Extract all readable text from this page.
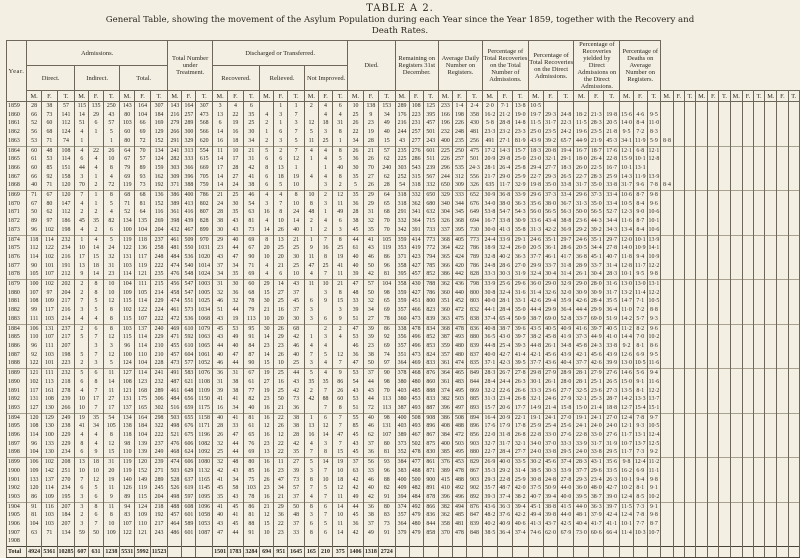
TABLE A 2.
General Table, showing the movement of the Asylum Population during each Year since the Year 1859, together with the Recovery and
Death Rates.
Year.	Admissions.									Total Number under Treatment.			Discharged or Transferred.									Died.			Remaining on Registers 31st December.			Average Daily Number on Registers.			Percentage of Total Recoveries on the Total Number of Admissions.			Percentage of Total Recoveries on the Direct Admissions.			Percentage of Recoveries yielded by Direct Admissions on the Direct Admissions.			Percentage of Deaths on Average Number on Registers.														
	Direct.			Indirect.			Total.						Recovered.			Relieved.			Not Improved.																																			
	M.	F.	T.	M.	F.	T.	M.	F.	T.	M.	F.	T.	M.	F.	T.	M.	F.	T.	M.	F.	T.	M.	F.	T.	M.	F.	T.	M.	F.	T.	M.	F.	T.	M.	F.	T.	M.	F.	T.	M.	F.	T.	M.	F.	T.	M.	F.	T.	M.	F.	T.	M.	F.	T.
1859	28	38	57	115	135	250	143	164	307	143	164	307	3	4	6		1	1	2	4	6	10	138	153	289	108	125	233	1·4	2·4	2·0	7·1	13·8	10·5																				
1860	66	73	141	14	29	43	80	104	184	216	257	473	13	22	35	4	3	7		4	4	25	9	34	176	223	395	166	198	358	16·2	21·2	19·0	19·7	29·3	24·8	18·2	21·3	19·8	15·6	4·6	9·5												
1861	52	60	112	51	6	57	103	66	169	279	289	568	6	19	25	2	1	3	12	18	31	26	23	49	216	231	457	196	226	430	5·8	28·8	14·8	11·5	31·7	22·3	11·5	28·3	20·5	14·0	8·4	11·0												
1862	56	68	124	4	1	5	60	69	129	266	300	566	14	16	30	1	6	7	5	3	8	22	19	40	244	257	501	232	248	481	23·3	23·2	23·3	25·0	23·5	24·2	19·6	23·5	21·8	9·5	7·2	8·3												
1863	53	71	74	1		1	80	72	152	291	329	620	16	18	34	2	3	5	11	25	1	34	28	15	43	277	243	400	235	256	491	27·1	81·9	43·9	39·2	65·7	44·9	21·9	45·3	34·1	11·9	5·9	8·8											
1864	60	48	108	4	22	26	64	70	134	241	313	554	11	10	21	5	2	7	4	4	8	26	21	57	235	276	601	225	250	475	17·2	14·3	15·7	18·3	20·8	19·4	16·7	18·7	17·6	12·1	6·8	12·1												
1865	61	53	114	6	4	10	67	57	124	282	333	615	14	17	31	6	6	12	1	4	5	36	26	62	225	286	511	226	257	501	20·9	29·8	25·0	23·0	32·1	29·1	18·0	26·4	22·8	15·9	10·1	12·8												
1866	60	85	151	44	4	8	79	89	159	303	366	669	17	28	42	8	13	1		1	40	30	70	240	303	543	239	296	535	24·3	28·1	26·4	25·8	29·4	27·7	18·3	26·0	22·5	16·7	10·1	13·1													
1867	66	92	158	3	1	4	69	93	162	309	396	705	14	27	41	6	18	19	4	4	8	35	27	62	252	315	567	244	312	556	21·7	29·0	25·9	22·7	29·3	26·5	22·7	28·3	25·9	14·3	11·9	13·9												
1868	40	71	120	70	2	72	119	73	192	371	388	759	14	24	38	6	5	10		3	2	5	26	28	54	318	332	650	309	326	635	11·7	32·9	19·8	35·0	33·8	31·7	35·0	33·8	31·7	9·6	7·8	8·4											
1869	71	67	120	7	1	8	68	68	136	386	400	786	21	25	46	4	4	8	10	2	12	35	29	64	318	332	650	329	333	652	30·9	36·8	33·9	29·6	37·3	33·4	29·6	37·3	33·4	10·6	8·7	9·8												
1870	67	80	147	4	1	5	71	81	152	389	413	802	24	30	54	3	7	10	8	3	11	36	29	65	318	362	680	340	344	676	34·0	38·0	36·3	35·6	38·0	36·7	31·3	35·0	33·4	10·5	8·4	9·6												
1871	50	62	112	2	2	4	52	64	116	361	416	807	28	35	63	16	8	24	48	1	49	28	31	68	291	341	632	304	345	649	53·8	54·7	54·3	56·0	56·5	56·3	50·0	56·5	52·7	12·3	9·0	10·6												
1872	89	97	186	45	35	82	134	135	269	398	439	828	38	43	81	4	10	14	2	4	6	38	32	70	332	364	715	326	368	694	16·7	33·8	30·9	33·6	43·4	38·8	23·6	44·3	34·4	11·6	8·7	10·1												
1873	96	102	198	4	2	6	100	104	204	432	467	899	30	43	73	14	26	40	1	2	3	45	35	70	342	391	733	337	395	730	30·0	41·3	35·8	31·3	42·2	36·9	29·2	39·2	34·3	13·4	8·4	10·6												
1874	118	114	232	1	4	5	119	118	237	461	509	970	29	40	69	8	13	21	1	7	8	44	41	105	359	414	773	368	405	773	24·4	33·9	29·1	24·6	35·1	29·7	24·6	35·1	29·7	12·0	10·1	13·9												
1875	112	122	234	10	14	24	122	136	258	481	550	1031	23	44	67	20	25	25	9	16	25	61	43	119	353	419	772	364	422	786	18·9	32·4	26·0	20·5	36·1	28·6	20·5	34·4	27·8	14·0	10·9	14·1												
1876	114	102	216	17	15	32	131	117	248	484	536	1020	43	47	90	10	20	30	11	8	19	40	46	86	371	423	794	365	424	789	32·8	40·2	36·3	37·7	46·1	41·7	36·8	45·1	40·7	11·8	9·4	10·9												
1877	90	101	191	13	18	31	103	119	222	474	540	1014	37	34	71	4	21	25	47	25	41	40	50	96	358	427	785	366	420	786	24·8	28·6	27·0	29·9	33·7	31·8	28·9	33·7	31·4	12·8	11·7	12·2												
1878	105	107	212	9	14	23	114	121	235	476	548	1024	34	35	69	4	6	10	4	7	11	39	42	81	395	457	852	386	442	828	33·3	30·3	31·9	32·4	30·4	31·4	26·1	30·4	28·3	10·1	9·5	9·8												
1879	100	102	202	2	8	10	104	111	215	456	547	1003	31	30	60	29	14	43	11	10	21	47	57	104	358	430	788	362	436	798	33·9	25·6	29·6	36·0	29·0	32·9	29·0	28·0	31·6	13·0	13·0	13·1												
1880	107	97	204	2	8	10	109	105	214	458	547	1005	32	36	68	15	27	37		3	8	48	50	98	359	427	786	360	440	800	30·8	32·4	31·6	31·4	32·6	32·0	30·9	30·9	31·7	13·2	11·4	12·2												
1881	108	109	217	7	5	12	115	114	229	474	551	1025	46	32	78	30	25	45	6	9	15	33	32	65	359	451	800	351	452	803	40·0	28·1	33·1	42·6	29·4	35·9	42·6	28·4	35·5	14·7	7·1	10·5												
1882	99	117	216	3	5	8	102	122	224	461	573	1034	51	44	79	21	16	37	3		3	39	34	69	357	466	823	360	472	832	44·1	28·4	35·0	44·4	29·9	36·4	44·4	29·9	36·4	11·0	7·2	8·8												
1883	111	103	214	4	4	8	115	107	222	472	536	1068	43	19	113	10	20	30	3	6	9	51	27	78	360	473	839	363	475	838	37·4	65·4	50·9	38·7	69·0	52·8	33·7	69·0	51·9	14·2	5·7	9·3												
1884	106	131	237	2	6	8	103	137	240	469	610	1079	45	53	95	30	26	68		2	2	47	39	86	338	478	834	368	478	836	40·8	38·7	39·6	43·5	40·5	40·9	41·6	39·7	40·5	11·2	8·2	9·6												
1885	110	107	217	5	7	12	115	114	229	471	592	1063	43	49	91	14	29	42	1	3	4	53	39	92	356	496	852	387	493	880	36·5	43·0	39·7	38·2	45·8	41·9	37·3	44·9	41·0	14·4	7·0	10·2												
1886	96	111	207		3	3	96	114	210	455	610	1065	44	40	84	23	23	46	4	4		46	23	69	357	496	853	359	480	839	44·8	25·4	39·3	44·8	26·1	34·8	45·8	24·3	33·8	9·2	8·1	8·6												
1887	92	103	198	5	7	12	100	110	210	457	604	1061	40	47	87	14	26	40	7	5	12	36	38	74	351	473	824	357	480	837	40·0	42·7	41·4	42·1	45·6	43·9	42·1	45·6	43·9	12·6	6·9	9·5												
1888	122	101	223	2	3	5	124	104	228	473	577	1052	46	44	90	15	10	25	3	4	7	47	50	97	364	469	833	361	474	835	37·1	42·3	39·5	37·7	43·6	40·4	37·7	42·6	39·9	13·0	10·5	11·6												
1889	121	111	232	5	6	11	127	114	241	491	583	1076	36	31	67	19	25	44	5	4	9	53	37	90	378	468	876	364	465	849	28·3	26·7	27·8	29·8	27·9	28·9	28·1	27·9	27·6	14·6	5·6	9·4												
1890	102	113	218	6	8	14	108	123	232	487	621	1108	31	38	61	27	16	43	35	35	86	54	44	98	380	480	860	361	483	844	28·4	24·4	26·3	30·1	26·1	28·0	28·1	25·1	26·5	15·0	9·1	11·6												
1891	117	161	278	4	7	11	121	168	289	461	648	1109	39	38	77	19	25	42	2	7	26	43	43	70	403	485	888	374	495	869	32·2	22·6	26·6	33·3	23·6	27·7	32·5	23·6	27·3	13·5	8·1	12·2												
1892	131	108	239	10	17	27	131	175	306	484	656	1150	41	41	82	23	50	73	42	88	60	53	44	113	380	453	833	382	503	885	31·3	23·4	26·8	32·1	24·6	27·9	32·1	25·3	28·7	14·2	13·3	13·7												
1893	127	130	266	10	7	17	137	165	302	516	659	1175	16	34	40	16	21	36		7	8	51	72	113	387	493	887	396	497	893	15·7	20·6	17·7	14·9	21·4	15·8	15·0	21·4	18·8	12·7	15·4	15·1												
1894	120	129	249	19	35	54	134	164	298	503	655	1158	40	41	81	16	22	38	1	6	7	55	40	98	400	508	908	386	508	894	16·4	20·9	22·1	19·1	24·1	27·0	19·1	24·1	27·0	12·4	7·8	9·7												
1895	108	130	238	41	34	105	138	184	322	498	676	1171	28	33	61	12	26	38	13	12	7	85	46	131	403	493	896	408	488	896	17·6	17·9	17·8	25·9	25·4	25·6	24·1	24·0	24·0	12·1	9·3	10·5												
1896	114	100	229	4	4	8	118	104	222	521	675	1196	26	47	65	16	12	28	16	14	47	45	62	107	389	467	867	384	472	856	22·0	31·8	26·8	22·8	33·0	27·6	22·8	33·0	27·6	11·7	13·1	12·4												
1897	96	133	229	8	4	12	98	139	237	476	606	1082	32	44	76	23	22	42	4	3	7	43	37	80	373	502	875	400	503	903	32·7	31·7	32·1	34·0	37·0	33·3	33·9	31·7	31·9	10·7	13·7	12·5												
1898	104	130	234	6	9	15	110	139	249	468	624	1092	25	44	69	13	22	35	7	8	15	45	36	81	352	478	830	385	495	880	22·7	28·4	27·7	24·0	33·8	29·5	24·0	33·8	29·5	11·7	7·3	9·2												
1899	106	102	208	13	18	31	119	120	239	474	606	1080	32	48	80	16	11	27	5	14	19	37	56	93	384	477	861	376	453	829	26·9	40·0	33·5	30·2	45·6	37·4	28·3	43·1	35·6	9·8	12·4	11·2												
1900	109	142	251	10	10	20	119	152	271	503	629	1132	42	43	85	16	23	39	3	7	10	63	33	96	383	488	871	389	478	867	35·3	29·2	31·4	38·5	30·3	33·9	37·7	29·6	33·5	16·2	6·9	11·1												
1901	133	137	270	7	12	19	140	149	289	528	637	1165	41	34	75	26	47	73	8	10	18	42	46	88	400	500	900	415	488	903	29·3	22·8	25·9	30·8	24·8	27·8	29·3	23·4	26·3	10·1	9·4	9·8												
1902	120	114	234	6	5	11	126	119	245	526	619	1145	45	58	103	23	34	57	7	5	12	42	40	82	409	482	891	410	492	902	35·7	48·7	42·0	37·5	50·9	44·0	36·0	48·0	42·7	10·2	8·1	9·1												
1903	86	109	195	3	6	9	89	115	204	498	597	1095	35	43	78	16	21	37	4	7	11	49	42	91	394	484	878	396	496	892	39·3	37·4	38·2	40·7	39·4	40·0	39·5	38·7	39·0	12·4	8·5	10·2												
1904	91	116	207	3	8	11	94	124	218	488	608	1096	41	45	86	21	29	50	8	6	14	44	36	80	374	492	866	382	494	876	43·6	36·3	39·4	45·1	38·8	41·5	44·0	36·3	39·7	11·5	7·3	9·1												
1905	81	103	184	2	6	8	83	109	192	457	601	1058	40	41	81	12	36	48	3	7	10	45	38	83	357	479	836	362	485	847	48·2	37·6	42·2	49·4	39·8	44·0	48·1	37·9	42·4	12·4	7·8	9·8												
1906	104	103	207	3	7	10	107	110	217	464	589	1053	43	45	88	15	22	37	6	5	11	36	37	73	364	480	844	358	481	839	40·2	40·9	40·6	41·3	43·7	42·5	40·4	41·7	41·1	10·1	7·7	8·7												
1907	63	71	134	59	50	109	122	121	243	486	601	1087	47	44	91	10	23	33	8	6	14	42	49	91	379	479	858	370	478	848	38·5	36·4	37·4	74·6	62·0	67·9	73·0	60·6	66·4	11·4	10·3	10·7												
1908																																																						
Total	4924	5361	10285	607	631	1238	5531	5992	11523				1501	1783	3284	694	951	1645	165	210	375	1406	1318	2724																														
